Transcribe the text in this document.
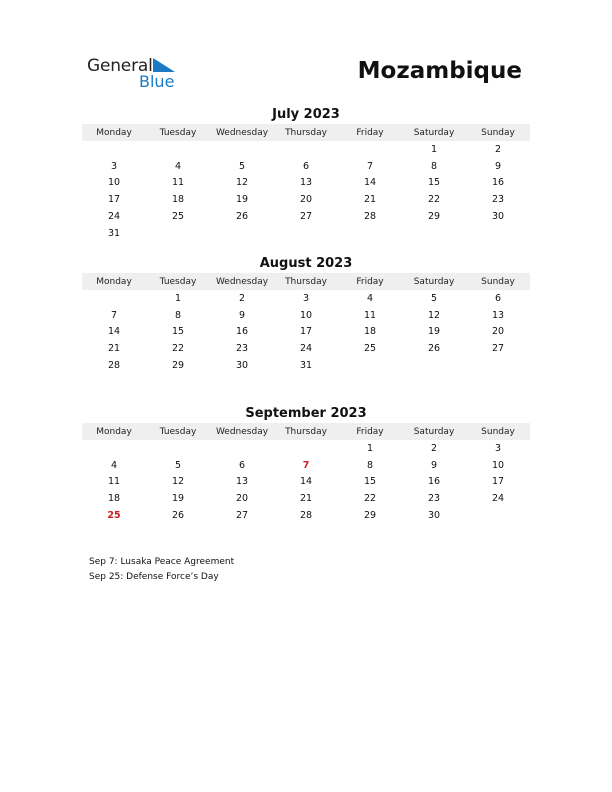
General
Blue	Mozambique
July 2023
Monday	Tuesday	Wednesday	Thursday	Friday	Saturday	Sunday
					1	2
3	4	5	6	7	8	9
10	11	12	13	14	15	16
17	18	19	20	21	22	23
24	25	26	27	28	29	30
31						
August 2023
Monday	Tuesday	Wednesday	Thursday	Friday	Saturday	Sunday
	1	2	3	4	5	6
7	8	9	10	11	12	13
14	15	16	17	18	19	20
21	22	23	24	25	26	27
28	29	30	31			
September 2023
Monday	Tuesday	Wednesday	Thursday	Friday	Saturday	Sunday
				1	2	3
4	5	6	7	8	9	10
11	12	13	14	15	16	17
18	19	20	21	22	23	24
25	26	27	28	29	30	
Sep 7: Lusaka Peace Agreement
Sep 25: Defense Force’s Day
